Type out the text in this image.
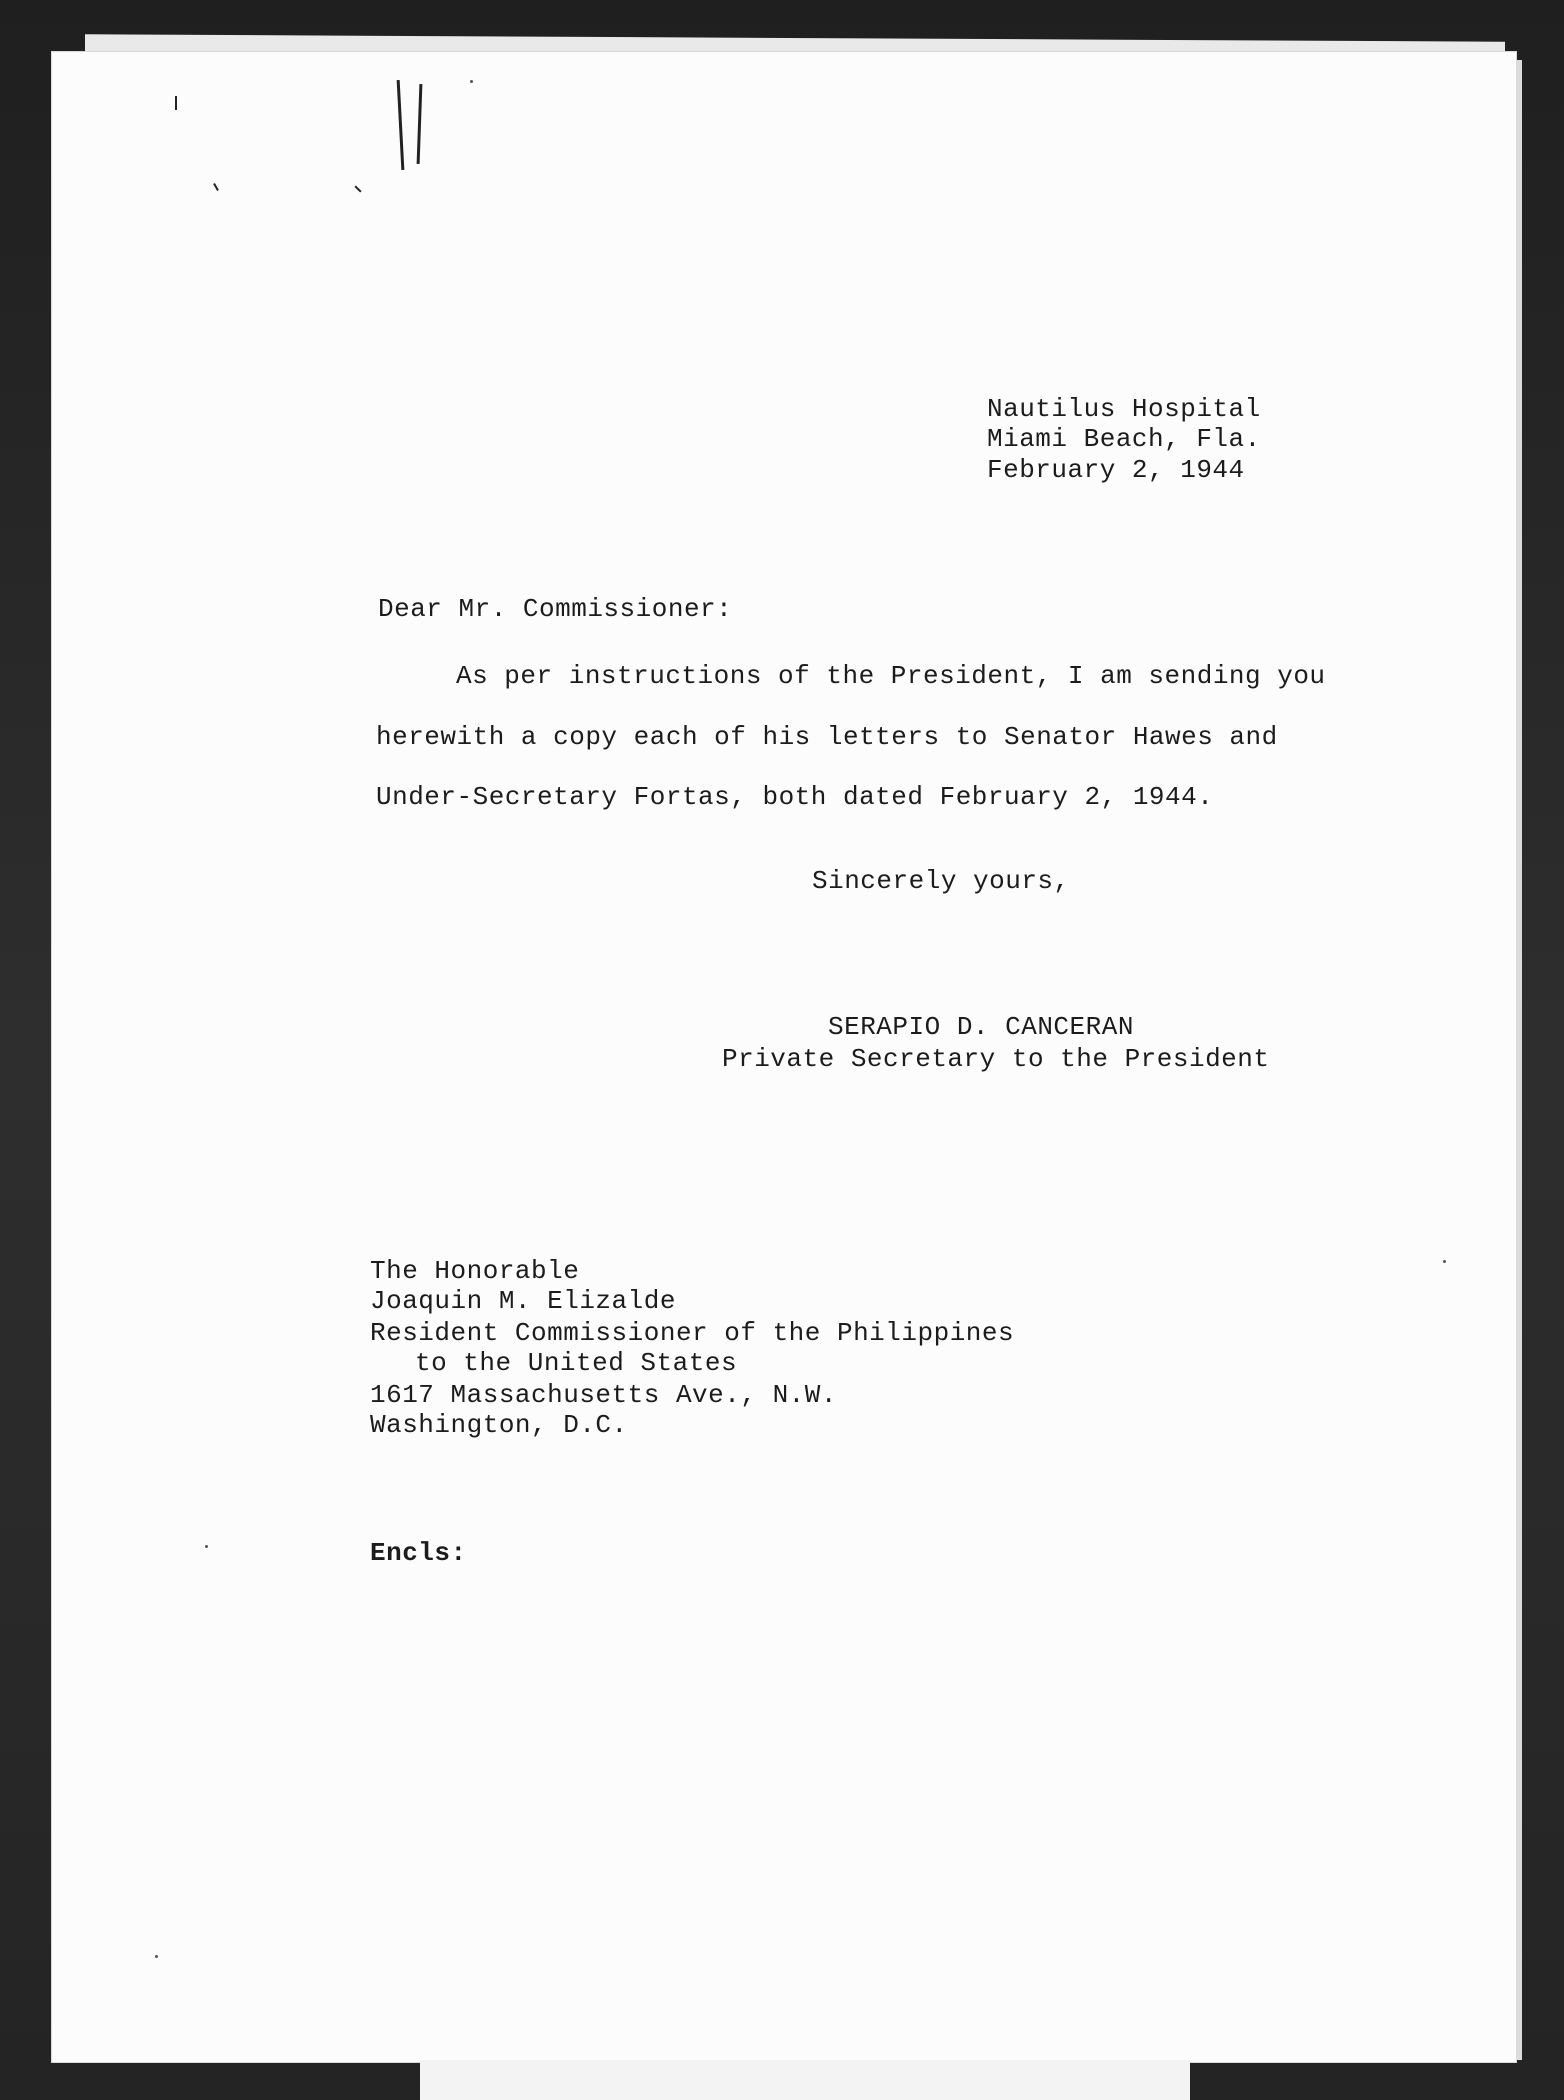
Nautilus Hospital
Miami Beach, Fla.
February 2, 1944
Dear Mr. Commissioner:
As per instructions of the President, I am sending you
herewith a copy each of his letters to Senator Hawes and
Under-Secretary Fortas, both dated February 2, 1944.
Sincerely yours,
SERAPIO D. CANCERAN
Private Secretary to the President
The Honorable
Joaquin M. Elizalde
Resident Commissioner of the Philippines
to the United States
1617 Massachusetts Ave., N.W.
Washington, D.C.
Encls:
